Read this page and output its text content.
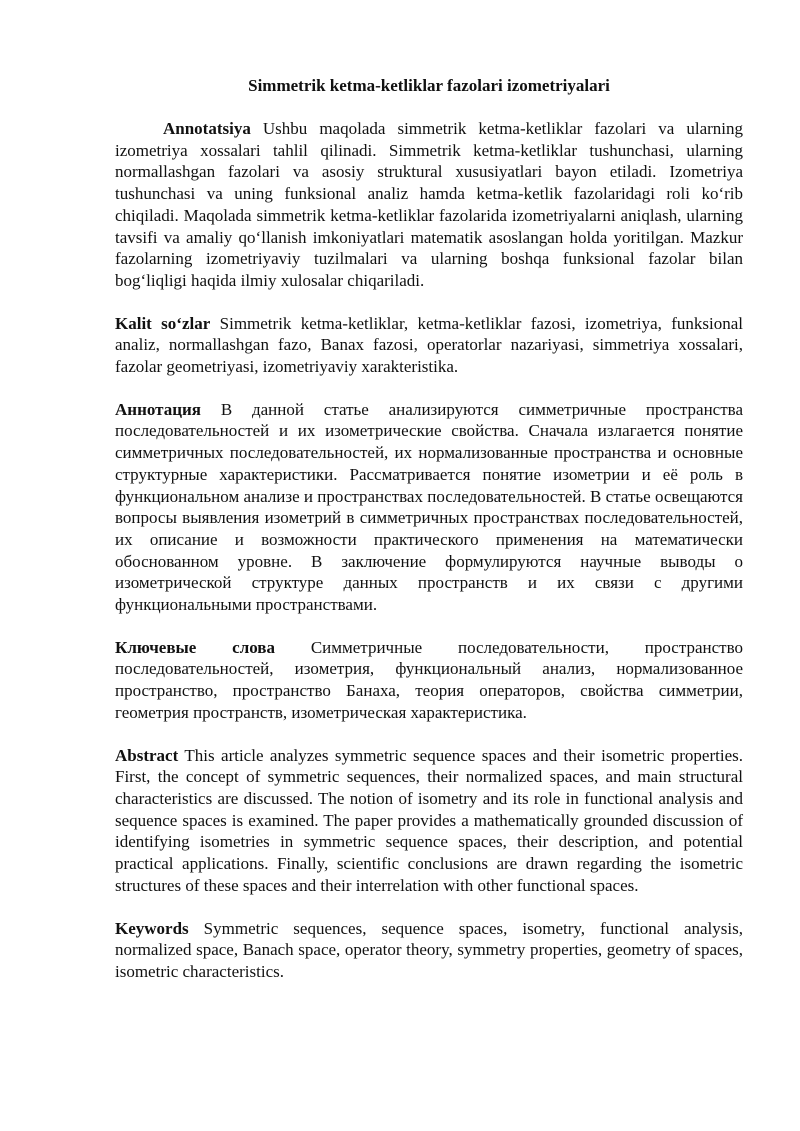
Simmetrik ketma-ketliklar fazolari izometriyalari

Annotatsiya Ushbu maqolada simmetrik ketma-ketliklar fazolari va ularning izometriya xossalari tahlil qilinadi. Simmetrik ketma-ketliklar tushunchasi, ularning normallashgan fazolari va asosiy struktural xususiyatlari bayon etiladi. Izometriya tushunchasi va uning funksional analiz hamda ketma-ketlik fazolaridagi roli ko‘rib chiqiladi. Maqolada simmetrik ketma-ketliklar fazolarida izometriyalarni aniqlash, ularning tavsifi va amaliy qo‘llanish imkoniyatlari matematik asoslangan holda yoritilgan. Mazkur fazolarning izometriyaviy tuzilmalari va ularning boshqa funksional fazolar bilan bog‘liqligi haqida ilmiy xulosalar chiqariladi.

Kalit so‘zlar Simmetrik ketma-ketliklar, ketma-ketliklar fazosi, izometriya, funksional analiz, normallashgan fazo, Banax fazosi, operatorlar nazariyasi, simmetriya xossalari, fazolar geometriyasi, izometriyaviy xarakteristika.

Аннотация В данной статье анализируются симметричные пространства последовательностей и их изометрические свойства. Сначала излагается понятие симметричных последовательностей, их нормализованные пространства и основные структурные характеристики. Рассматривается понятие изометрии и её роль в функциональном анализе и пространствах последовательностей. В статье освещаются вопросы выявления изометрий в симметричных пространствах последовательностей, их описание и возможности практического применения на математически обоснованном уровне. В заключение формулируются научные выводы о изометрической структуре данных пространств и их связи с другими функциональными пространствами.

Ключевые слова Симметричные последовательности, пространство последовательностей, изометрия, функциональный анализ, нормализованное пространство, пространство Банаха, теория операторов, свойства симметрии, геометрия пространств, изометрическая характеристика.

Abstract This article analyzes symmetric sequence spaces and their isometric properties. First, the concept of symmetric sequences, their normalized spaces, and main structural characteristics are discussed. The notion of isometry and its role in functional analysis and sequence spaces is examined. The paper provides a mathematically grounded discussion of identifying isometries in symmetric sequence spaces, their description, and potential practical applications. Finally, scientific conclusions are drawn regarding the isometric structures of these spaces and their interrelation with other functional spaces.

Keywords Symmetric sequences, sequence spaces, isometry, functional analysis, normalized space, Banach space, operator theory, symmetry properties, geometry of spaces, isometric characteristics.
